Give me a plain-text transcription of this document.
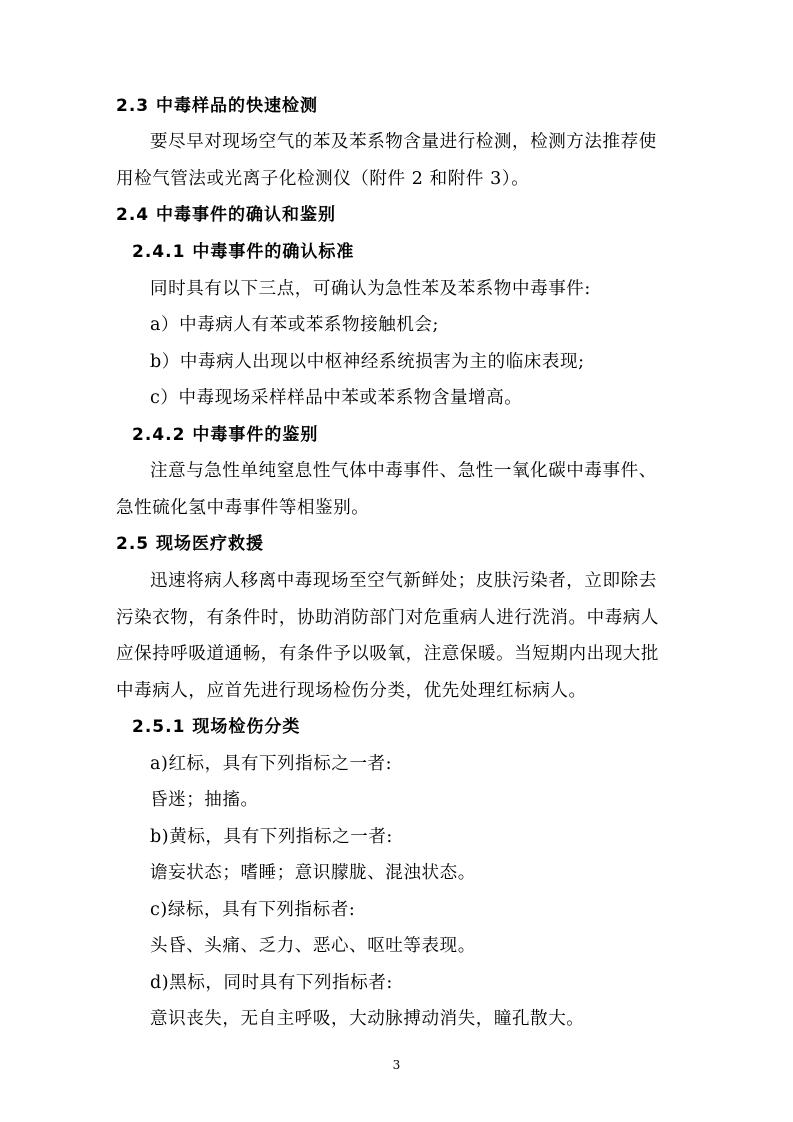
2.3 中毒样品的快速检测
要尽早对现场空气的苯及苯系物含量进行检测，检测方法推荐使
用检气管法或光离子化检测仪（附件 2 和附件 3）。
2.4 中毒事件的确认和鉴别
2.4.1 中毒事件的确认标准
同时具有以下三点，可确认为急性苯及苯系物中毒事件:
a）中毒病人有苯或苯系物接触机会;
b）中毒病人出现以中枢神经系统损害为主的临床表现;
c）中毒现场采样样品中苯或苯系物含量增高。
2.4.2 中毒事件的鉴别
注意与急性单纯窒息性气体中毒事件、急性一氧化碳中毒事件、
急性硫化氢中毒事件等相鉴别。
2.5 现场医疗救援
迅速将病人移离中毒现场至空气新鲜处；皮肤污染者，立即除去
污染衣物，有条件时，协助消防部门对危重病人进行洗消。中毒病人
应保持呼吸道通畅，有条件予以吸氧，注意保暖。当短期内出现大批
中毒病人，应首先进行现场检伤分类，优先处理红标病人。
2.5.1 现场检伤分类
a)红标，具有下列指标之一者:
昏迷；抽搐。
b)黄标，具有下列指标之一者:
谵妄状态；嗜睡；意识朦胧、混浊状态。
c)绿标，具有下列指标者:
头昏、头痛、乏力、恶心、呕吐等表现。
d)黑标，同时具有下列指标者:
意识丧失，无自主呼吸，大动脉搏动消失，瞳孔散大。
3
